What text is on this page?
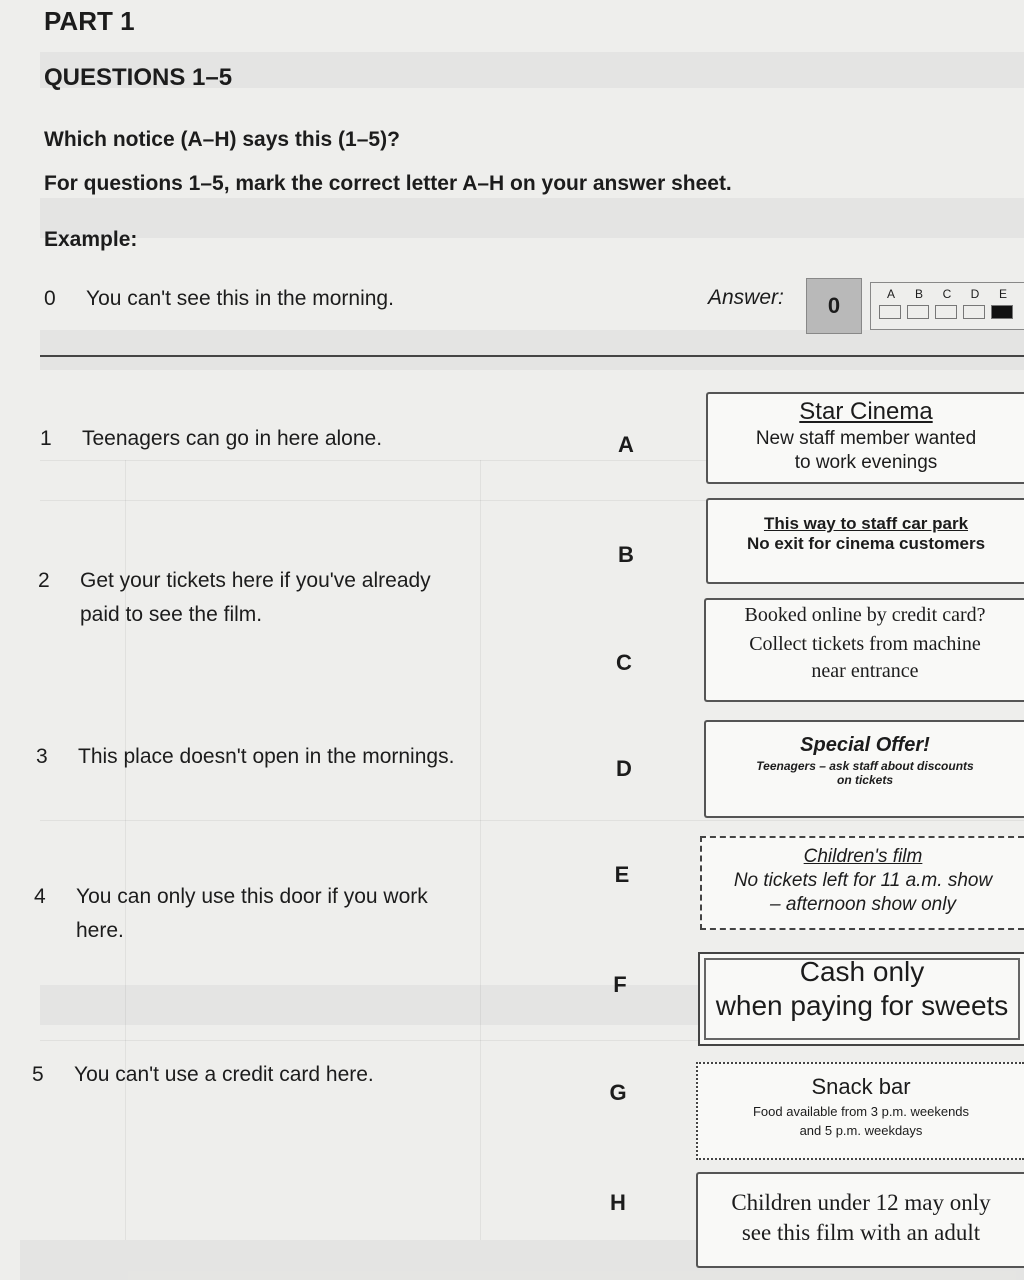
PART 1
QUESTIONS 1–5
Which notice (A–H) says this (1–5)?
For questions 1–5, mark the correct letter A–H on your answer sheet.
Example:
0	You can't see this in the morning.	Answer:	0	A	B	C	D	E
1	Teenagers can go in here alone.
2	Get your tickets here if you've already
paid to see the film.
3	This place doesn't open in the mornings.
4	You can only use this door if you work
here.
5	You can't use a credit card here.
A
B
C
D
E
F
G
H
Star Cinema
New staff member wanted
to work evenings
This way to staff car park
No exit for cinema customers
Booked online by credit card?
Collect tickets from machine
near entrance
Special Offer!
Teenagers – ask staff about discounts
on tickets
Children's film
No tickets left for 11 a.m. show
– afternoon show only
Cash only
when paying for sweets
Snack bar
Food available from 3 p.m. weekends
and 5 p.m. weekdays
Children under 12 may only
see this film with an adult
